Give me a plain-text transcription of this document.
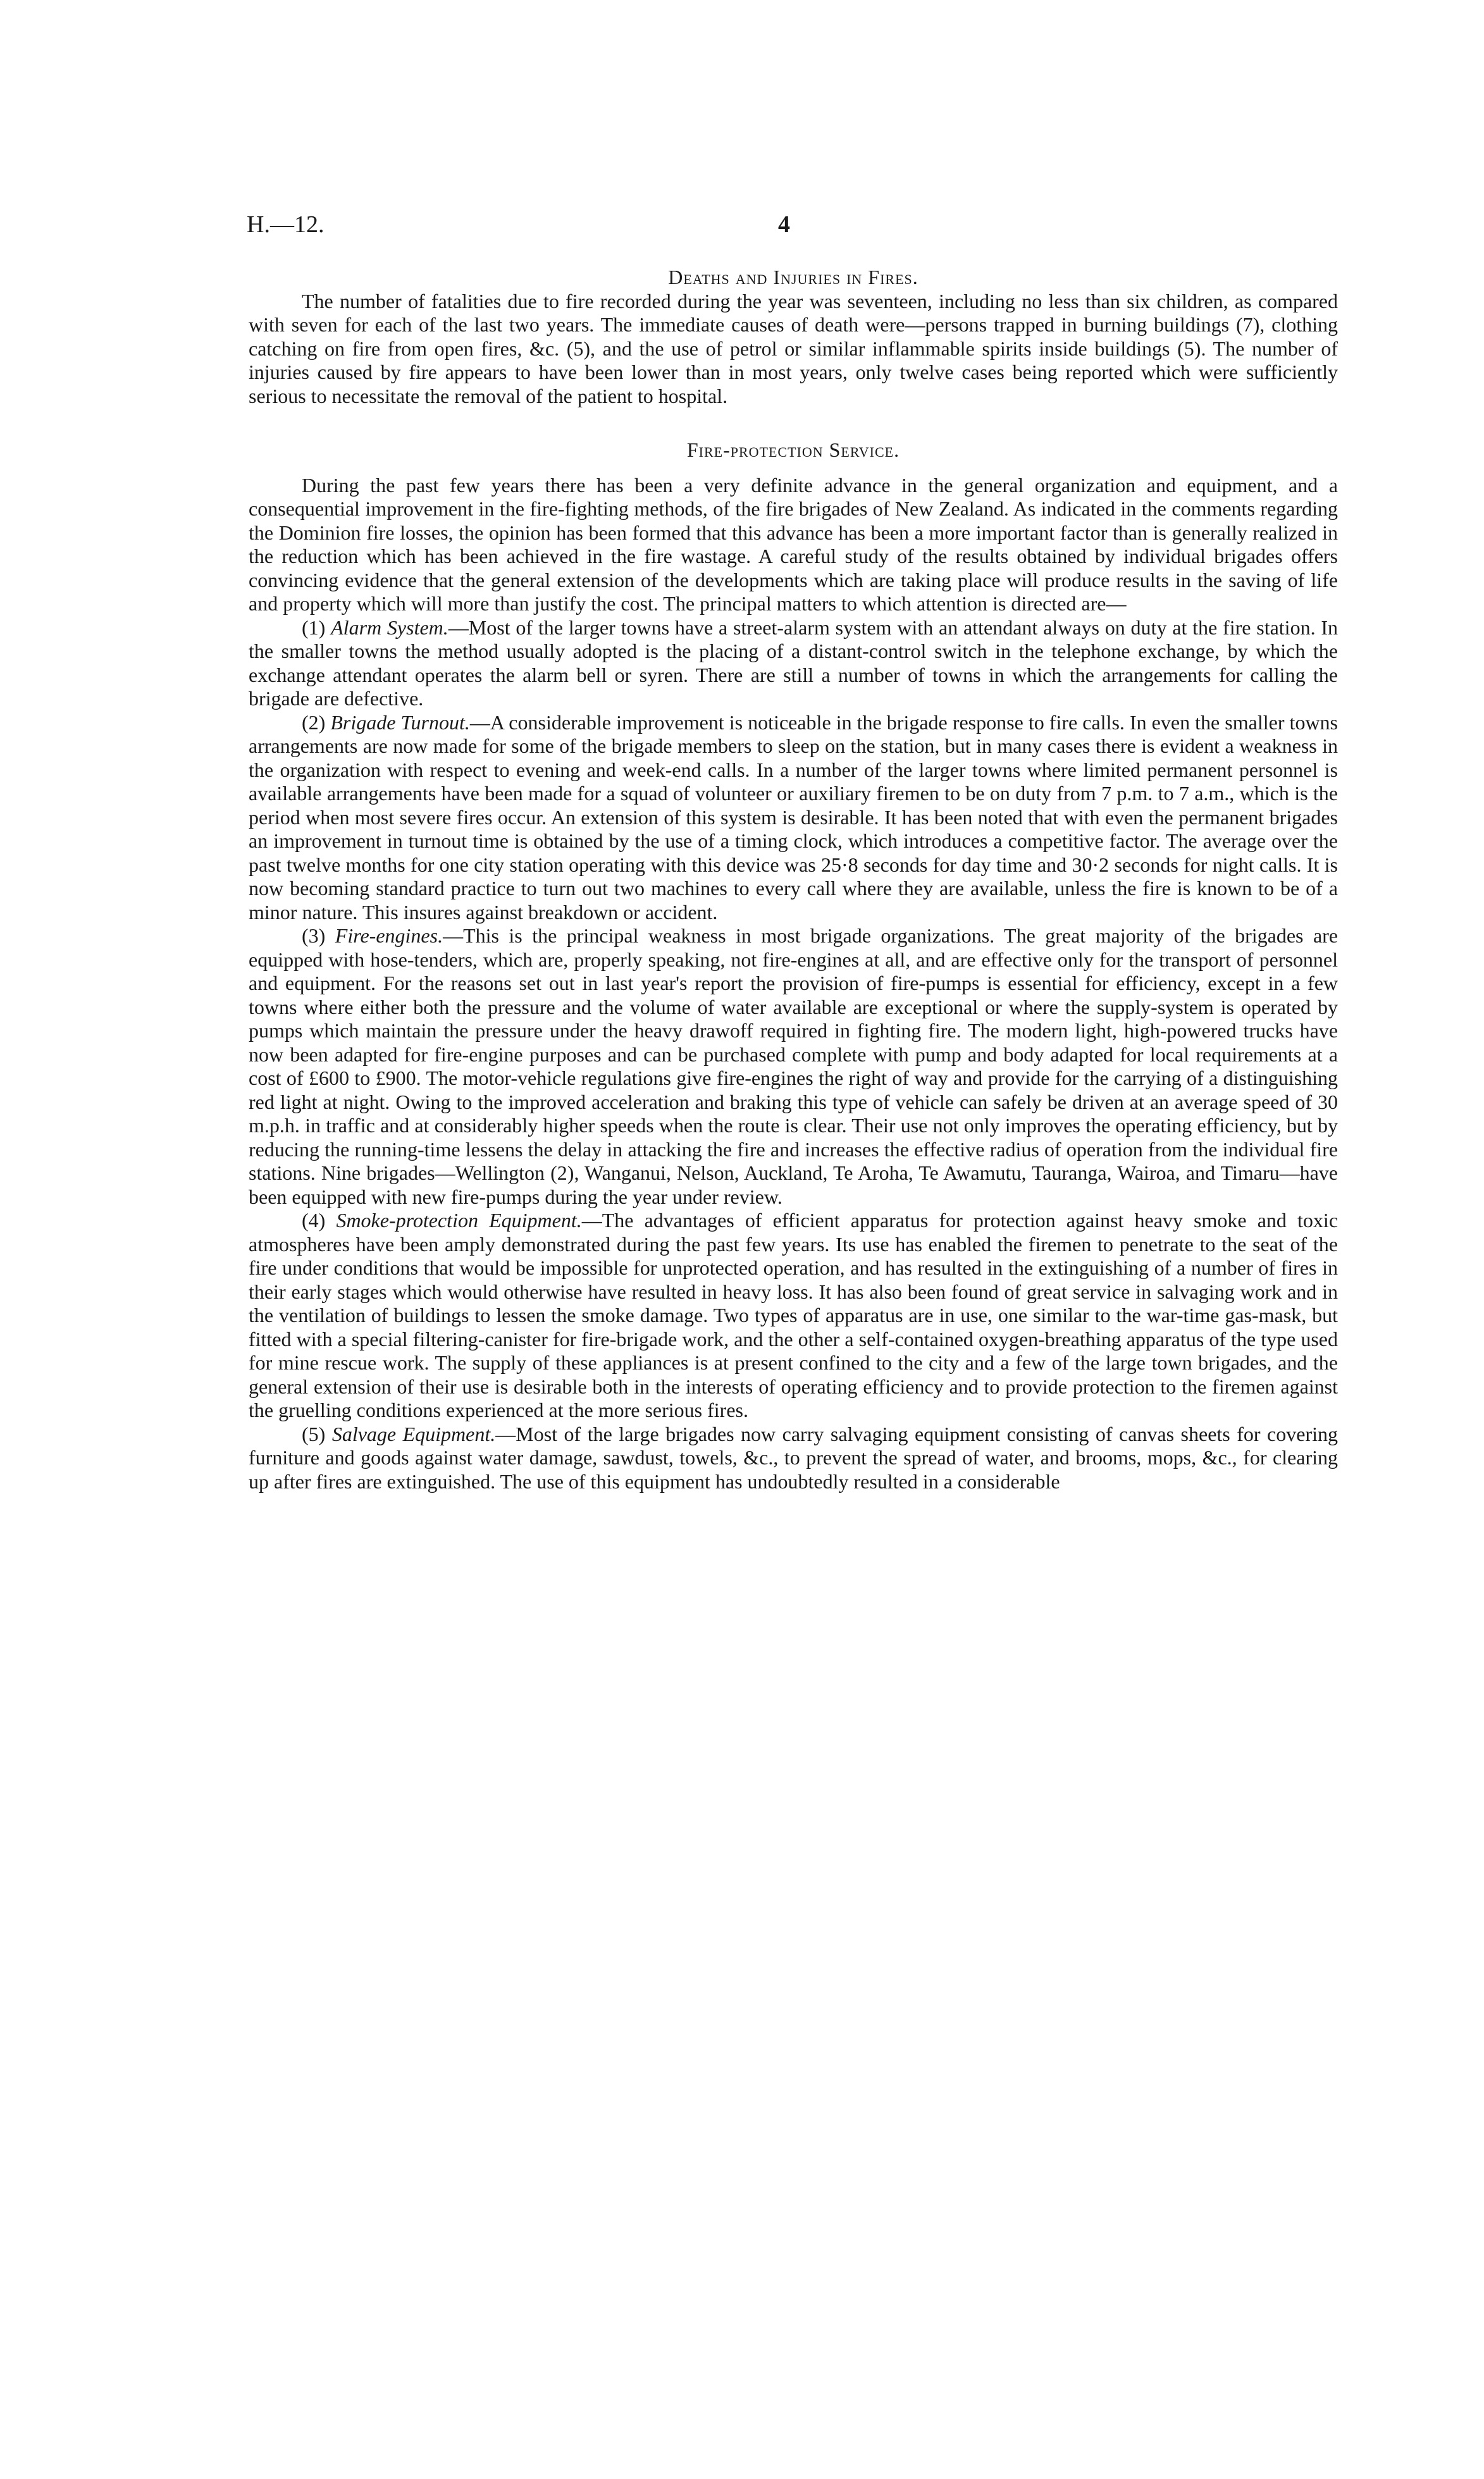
H.—12.	4
Deaths and Injuries in Fires.

The number of fatalities due to fire recorded during the year was seventeen, including no less than six children, as compared with seven for each of the last two years. The immediate causes of death were—persons trapped in burning buildings (7), clothing catching on fire from open fires, &c. (5), and the use of petrol or similar inflammable spirits inside buildings (5). The number of injuries caused by fire appears to have been lower than in most years, only twelve cases being reported which were sufficiently serious to necessitate the removal of the patient to hospital.

Fire-protection Service.

During the past few years there has been a very definite advance in the general organization and equipment, and a consequential improvement in the fire-fighting methods, of the fire brigades of New Zealand. As indicated in the comments regarding the Dominion fire losses, the opinion has been formed that this advance has been a more important factor than is generally realized in the reduction which has been achieved in the fire wastage. A careful study of the results obtained by individual brigades offers convincing evidence that the general extension of the developments which are taking place will produce results in the saving of life and property which will more than justify the cost. The principal matters to which attention is directed are—

(1) Alarm System.—Most of the larger towns have a street-alarm system with an attendant always on duty at the fire station. In the smaller towns the method usually adopted is the placing of a distant-control switch in the telephone exchange, by which the exchange attendant operates the alarm bell or syren. There are still a number of towns in which the arrangements for calling the brigade are defective.

(2) Brigade Turnout.—A considerable improvement is noticeable in the brigade response to fire calls. In even the smaller towns arrangements are now made for some of the brigade members to sleep on the station, but in many cases there is evident a weakness in the organization with respect to evening and week-end calls. In a number of the larger towns where limited permanent personnel is available arrangements have been made for a squad of volunteer or auxiliary firemen to be on duty from 7 p.m. to 7 a.m., which is the period when most severe fires occur. An extension of this system is desirable. It has been noted that with even the permanent brigades an improvement in turnout time is obtained by the use of a timing clock, which introduces a competitive factor. The average over the past twelve months for one city station operating with this device was 25·8 seconds for day time and 30·2 seconds for night calls. It is now becoming standard practice to turn out two machines to every call where they are available, unless the fire is known to be of a minor nature. This insures against breakdown or accident.

(3) Fire-engines.—This is the principal weakness in most brigade organizations. The great majority of the brigades are equipped with hose-tenders, which are, properly speaking, not fire-engines at all, and are effective only for the transport of personnel and equipment. For the reasons set out in last year's report the provision of fire-pumps is essential for efficiency, except in a few towns where either both the pressure and the volume of water available are exceptional or where the supply-system is operated by pumps which maintain the pressure under the heavy drawoff required in fighting fire. The modern light, high-powered trucks have now been adapted for fire-engine purposes and can be purchased complete with pump and body adapted for local requirements at a cost of £600 to £900. The motor-vehicle regulations give fire-engines the right of way and provide for the carrying of a distinguishing red light at night. Owing to the improved acceleration and braking this type of vehicle can safely be driven at an average speed of 30 m.p.h. in traffic and at considerably higher speeds when the route is clear. Their use not only improves the operating efficiency, but by reducing the running-time lessens the delay in attacking the fire and increases the effective radius of operation from the individual fire stations. Nine brigades—Wellington (2), Wanganui, Nelson, Auckland, Te Aroha, Te Awamutu, Tauranga, Wairoa, and Timaru—have been equipped with new fire-pumps during the year under review.

(4) Smoke-protection Equipment.—The advantages of efficient apparatus for protection against heavy smoke and toxic atmospheres have been amply demonstrated during the past few years. Its use has enabled the firemen to penetrate to the seat of the fire under conditions that would be impossible for unprotected operation, and has resulted in the extinguishing of a number of fires in their early stages which would otherwise have resulted in heavy loss. It has also been found of great service in salvaging work and in the ventilation of buildings to lessen the smoke damage. Two types of apparatus are in use, one similar to the war-time gas-mask, but fitted with a special filtering-canister for fire-brigade work, and the other a self-contained oxygen-breathing apparatus of the type used for mine rescue work. The supply of these appliances is at present confined to the city and a few of the large town brigades, and the general extension of their use is desirable both in the interests of operating efficiency and to provide protection to the firemen against the gruelling conditions experienced at the more serious fires.

(5) Salvage Equipment.—Most of the large brigades now carry salvaging equipment consisting of canvas sheets for covering furniture and goods against water damage, sawdust, towels, &c., to prevent the spread of water, and brooms, mops, &c., for clearing up after fires are extinguished. The use of this equipment has undoubtedly resulted in a considerable
